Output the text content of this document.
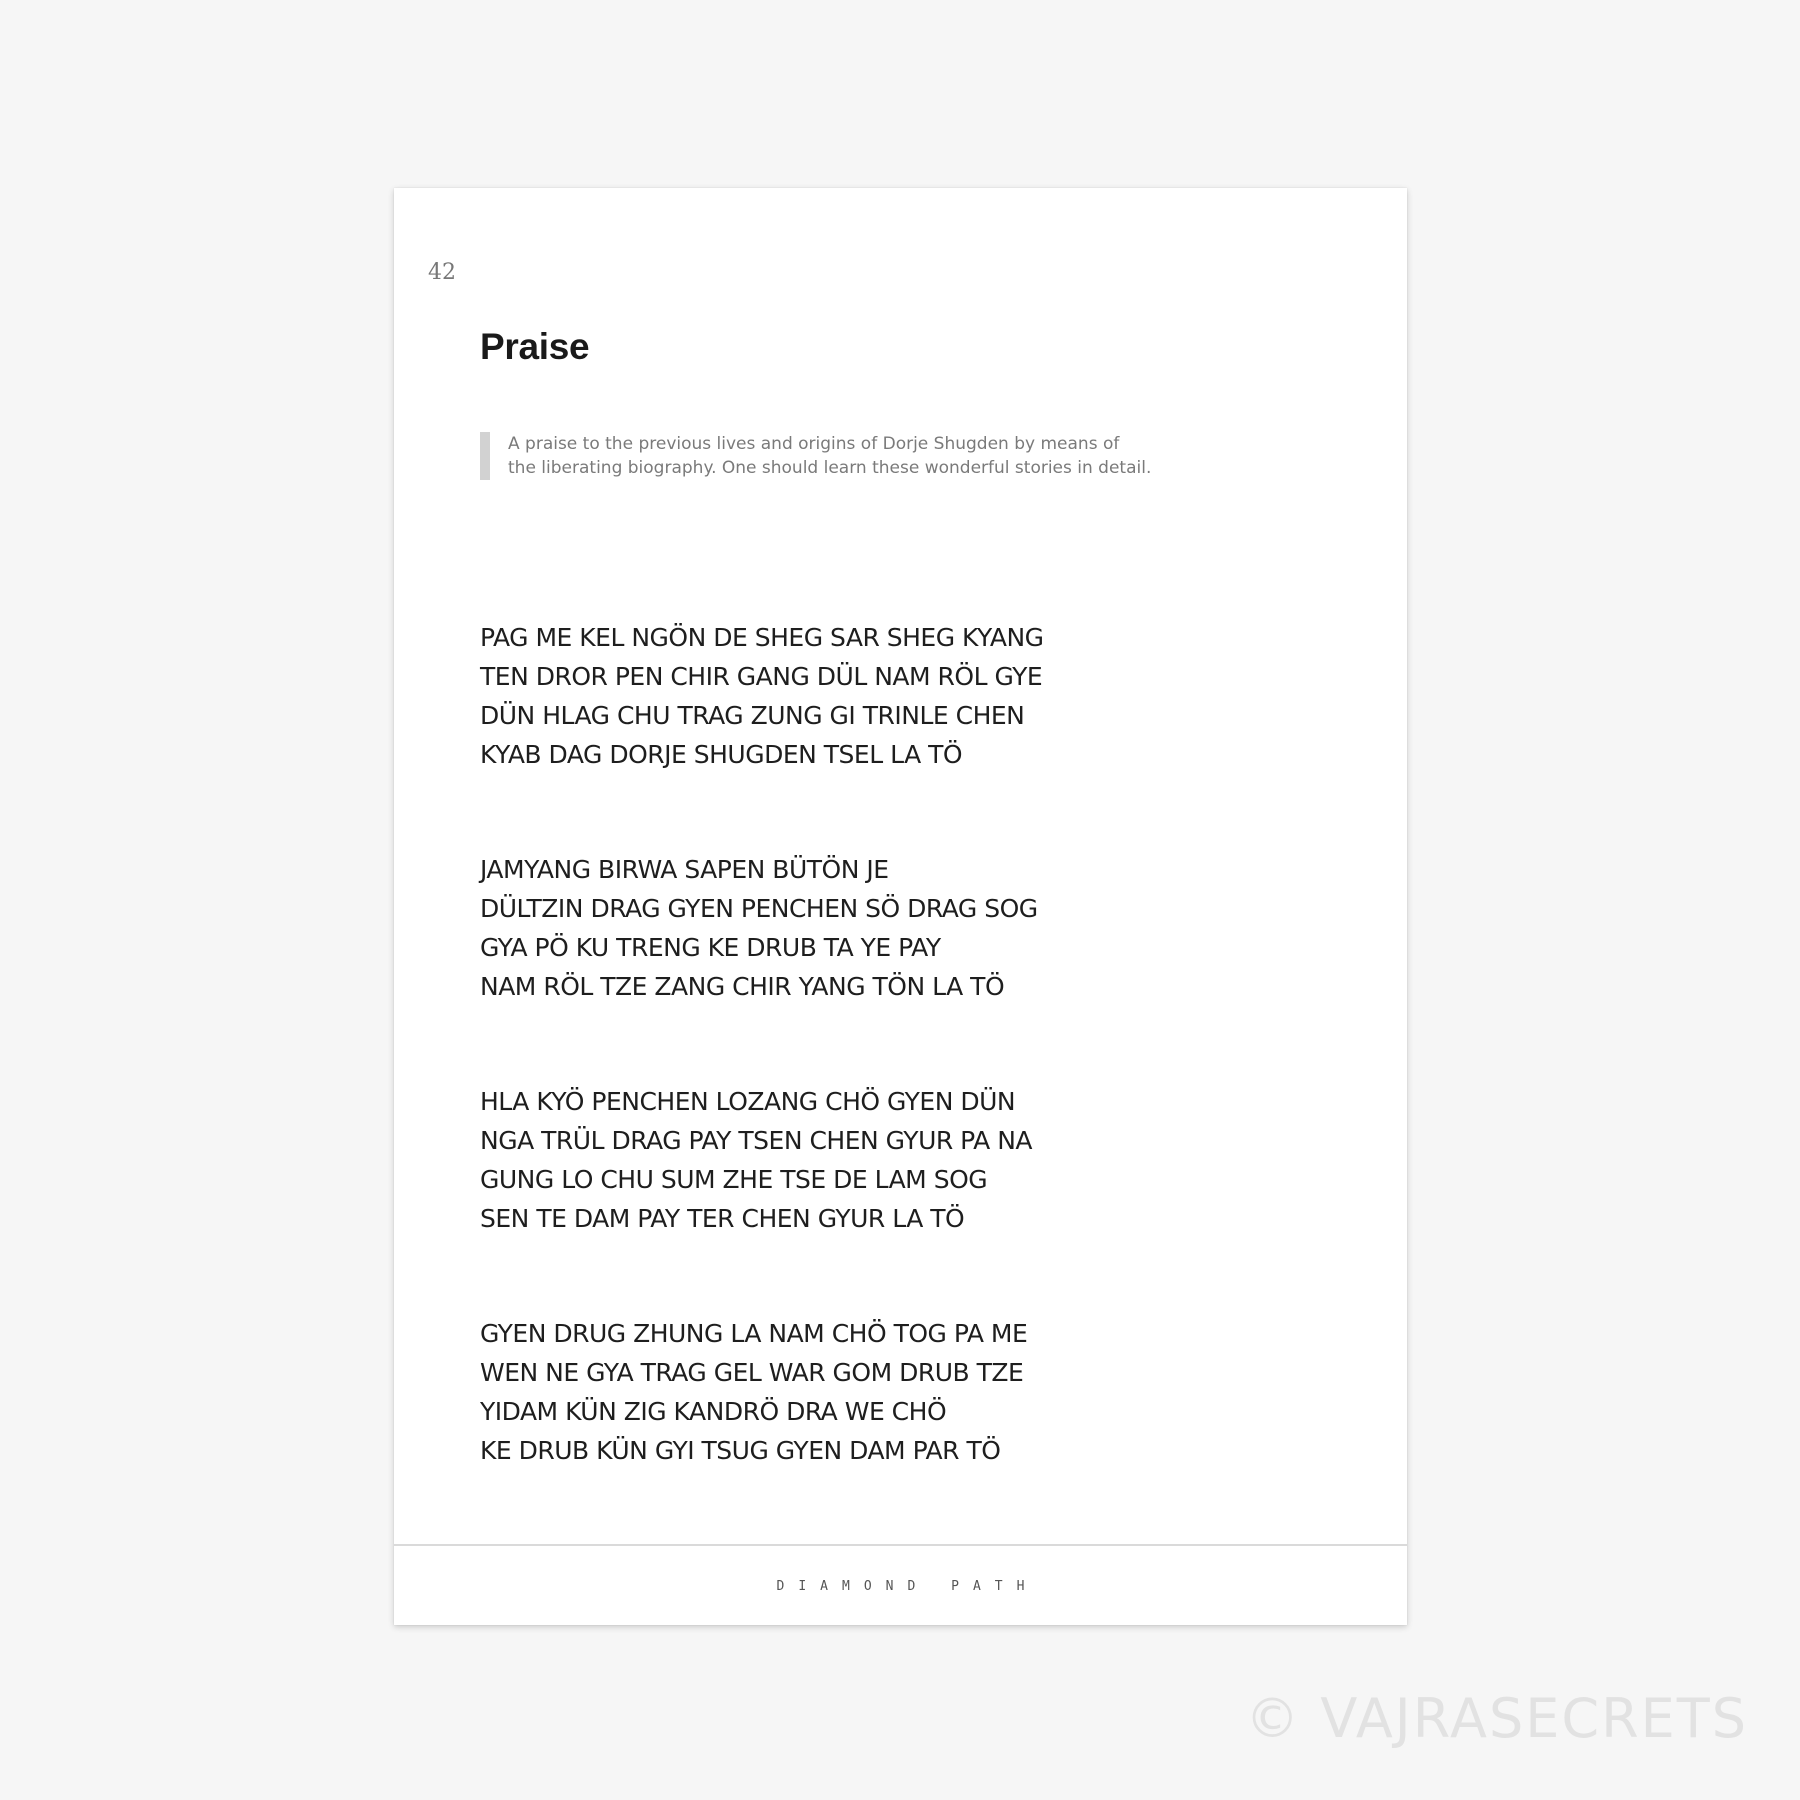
42
Praise
A praise to the previous lives and origins of Dorje Shugden by means of
the liberating biography. One should learn these wonderful stories in detail.
PAG ME KEL NGÖN DE SHEG SAR SHEG KYANG
TEN DROR PEN CHIR GANG DÜL NAM RÖL GYE
DÜN HLAG CHU TRAG ZUNG GI TRINLE CHEN
KYAB DAG DORJE SHUGDEN TSEL LA TÖ
JAMYANG BIRWA SAPEN BÜTÖN JE
DÜLTZIN DRAG GYEN PENCHEN SÖ DRAG SOG
GYA PÖ KU TRENG KE DRUB TA YE PAY
NAM RÖL TZE ZANG CHIR YANG TÖN LA TÖ
HLA KYÖ PENCHEN LOZANG CHÖ GYEN DÜN
NGA TRÜL DRAG PAY TSEN CHEN GYUR PA NA
GUNG LO CHU SUM ZHE TSE DE LAM SOG
SEN TE DAM PAY TER CHEN GYUR LA TÖ
GYEN DRUG ZHUNG LA NAM CHÖ TOG PA ME
WEN NE GYA TRAG GEL WAR GOM DRUB TZE
YIDAM KÜN ZIG KANDRÖ DRA WE CHÖ
KE DRUB KÜN GYI TSUG GYEN DAM PAR TÖ
DIAMOND PATH
© VAJRASECRETS
